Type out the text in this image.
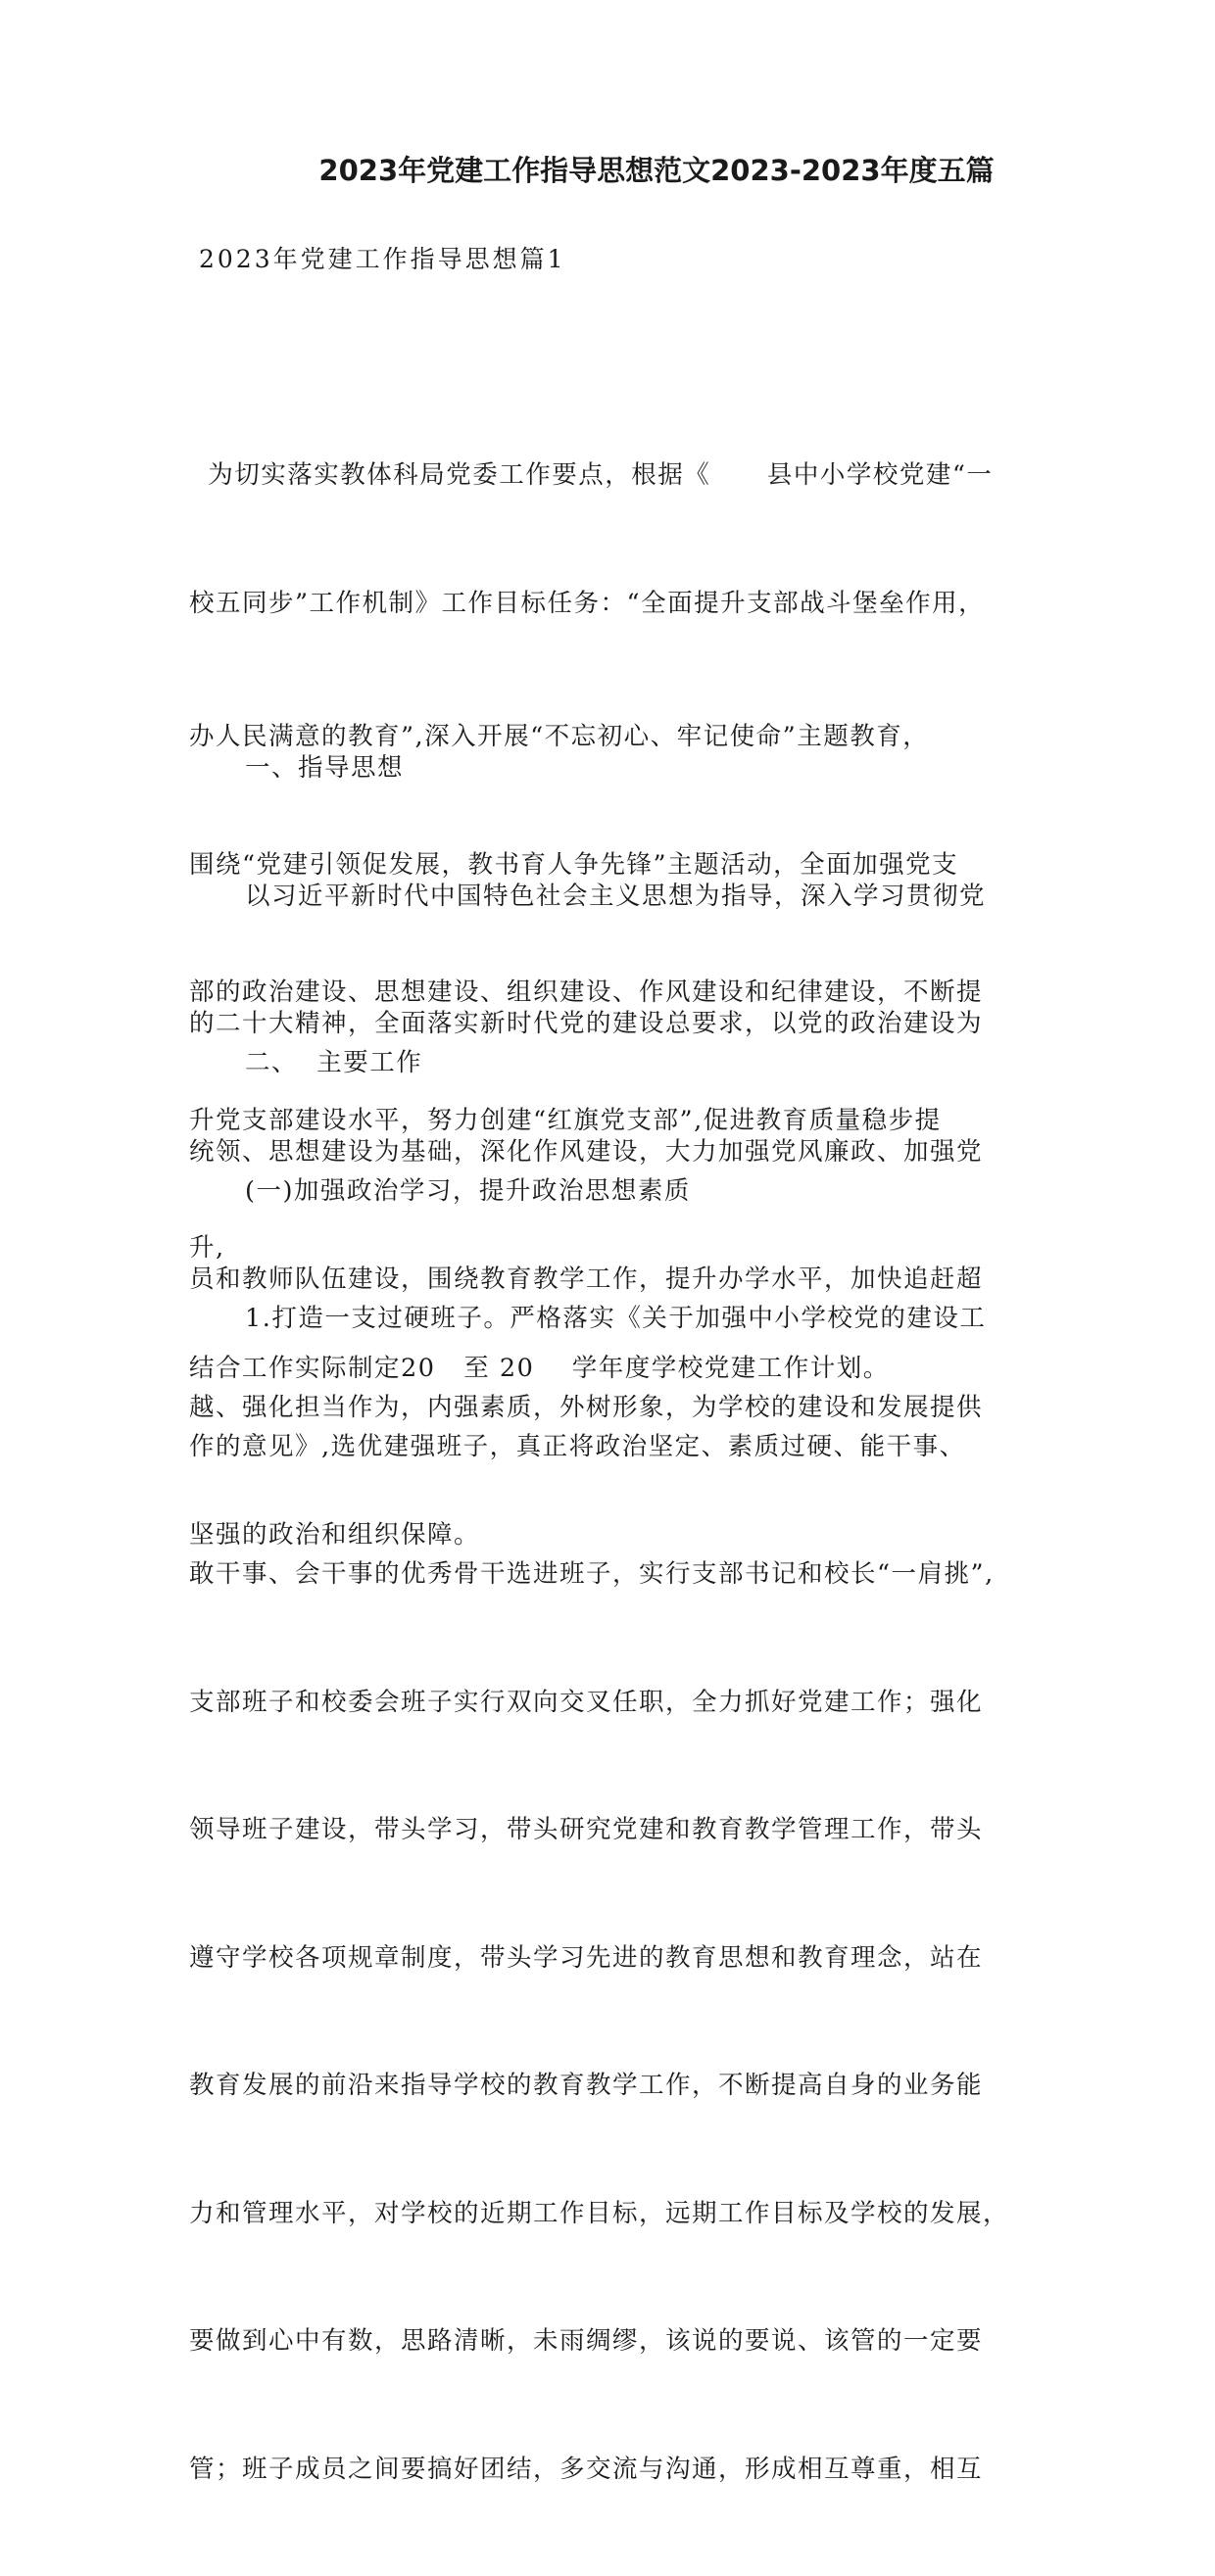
2023年党建工作指导思想范文2023-2023年度五篇
2023年党建工作指导思想篇1

为切实落实教体科局党委工作要点，根据《      县中小学校党建“一

校五同步”工作机制》工作目标任务：“全面提升支部战斗堡垒作用，

办人民满意的教育”,深入开展“不忘初心、牢记使命”主题教育，

围绕“党建引领促发展，教书育人争先锋”主题活动，全面加强党支

部的政治建设、思想建设、组织建设、作风建设和纪律建设，不断提

升党支部建设水平，努力创建“红旗党支部”,促进教育质量稳步提

升,

结合工作实际制定20   至 20    学年度学校党建工作计划。

一、指导思想

以习近平新时代中国特色社会主义思想为指导，深入学习贯彻党

的二十大精神，全面落实新时代党的建设总要求，以党的政治建设为

统领、思想建设为基础，深化作风建设，大力加强党风廉政、加强党

员和教师队伍建设，围绕教育教学工作，提升办学水平，加快追赶超

越、强化担当作为，内强素质，外树形象，为学校的建设和发展提供

坚强的政治和组织保障。

二、  主要工作

(一)加强政治学习，提升政治思想素质

1.打造一支过硬班子。严格落实《关于加强中小学校党的建设工

作的意见》,选优建强班子，真正将政治坚定、素质过硬、能干事、

敢干事、会干事的优秀骨干选进班子，实行支部书记和校长“一肩挑”,

支部班子和校委会班子实行双向交叉任职，全力抓好党建工作；强化

领导班子建设，带头学习，带头研究党建和教育教学管理工作，带头

遵守学校各项规章制度，带头学习先进的教育思想和教育理念，站在

教育发展的前沿来指导学校的教育教学工作，不断提高自身的业务能

力和管理水平，对学校的近期工作目标，远期工作目标及学校的发展，

要做到心中有数，思路清晰，未雨绸缪，该说的要说、该管的一定要

管；班子成员之间要搞好团结，多交流与沟通，形成相互尊重，相互
